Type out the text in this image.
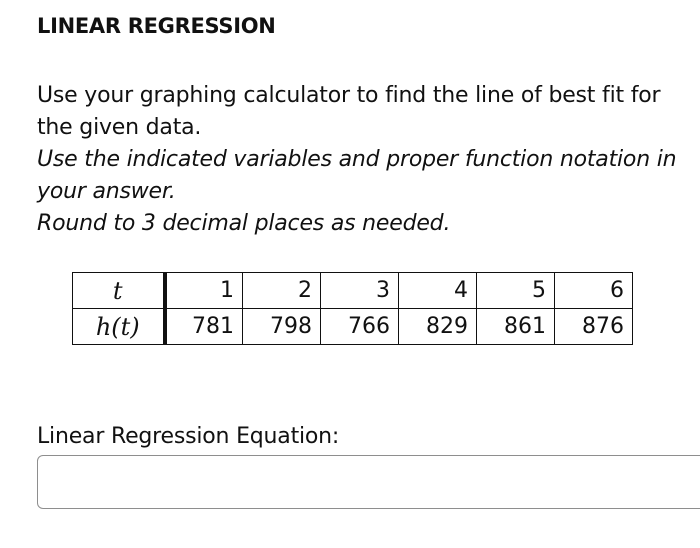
LINEAR REGRESSION

Use your graphing calculator to find the line of best fit for the given data.

Use the indicated variables and proper function notation in your answer.

Round to 3 decimal places as needed.

t	1	2	3	4	5	6
h(t)	781	798	766	829	861	876
Linear Regression Equation:
